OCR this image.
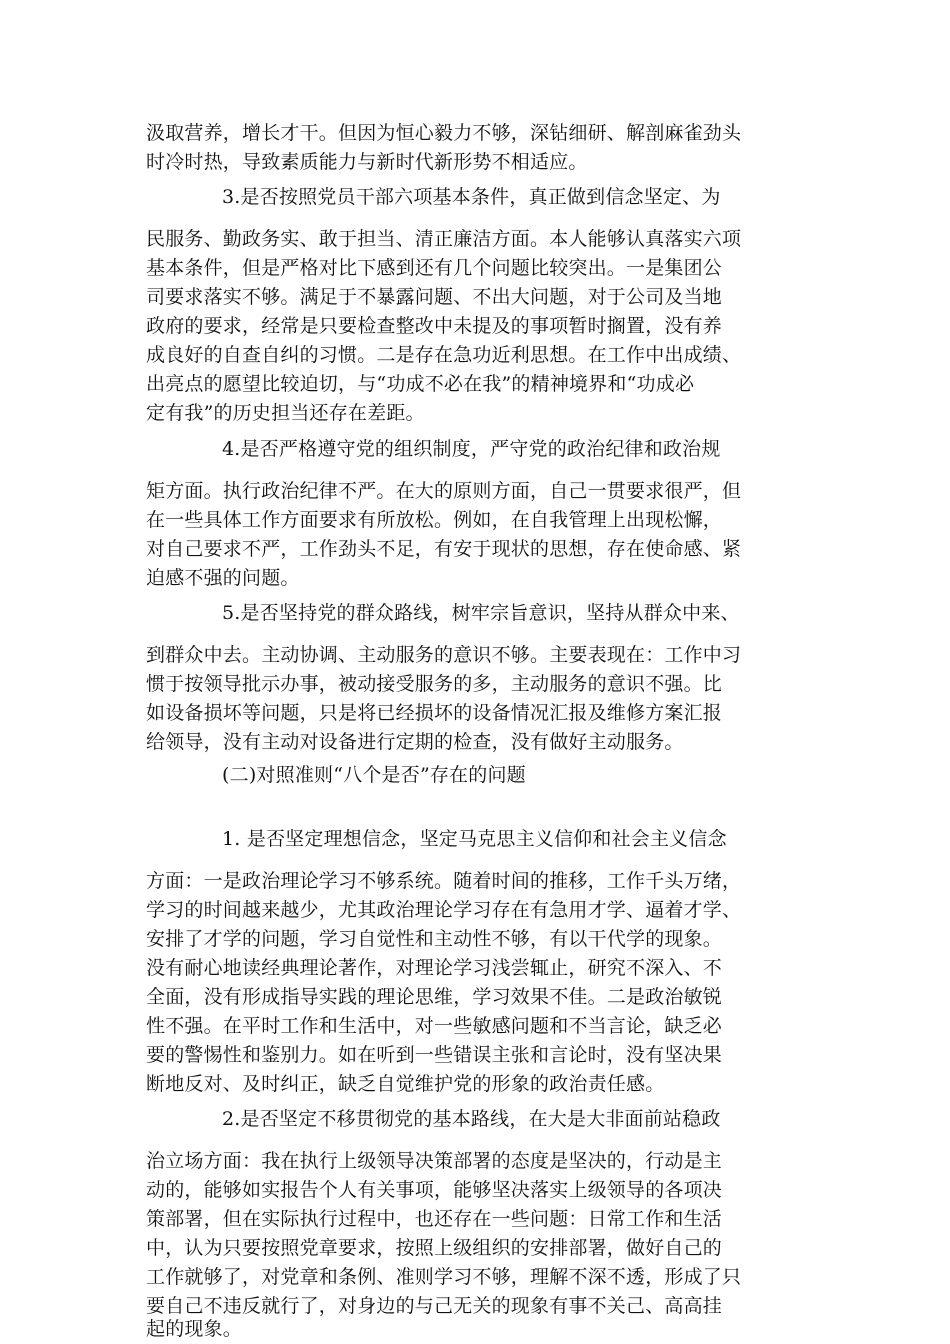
汲取营养，增长才干。但因为恒心毅力不够，深钻细研、解剖麻雀劲头
时冷时热，导致素质能力与新时代新形势不相适应。
3.是否按照党员干部六项基本条件，真正做到信念坚定、为
民服务、勤政务实、敢于担当、清正廉洁方面。本人能够认真落实六项
基本条件，但是严格对比下感到还有几个问题比较突出。一是集团公
司要求落实不够。满足于不暴露问题、不出大问题，对于公司及当地
政府的要求，经常是只要检查整改中未提及的事项暂时搁置，没有养
成良好的自查自纠的习惯。二是存在急功近利思想。在工作中出成绩、
出亮点的愿望比较迫切，与“功成不必在我”的精神境界和“功成必
定有我”的历史担当还存在差距。
4.是否严格遵守党的组织制度，严守党的政治纪律和政治规
矩方面。执行政治纪律不严。在大的原则方面，自己一贯要求很严，但
在一些具体工作方面要求有所放松。例如，在自我管理上出现松懈，
对自己要求不严，工作劲头不足，有安于现状的思想，存在使命感、紧
迫感不强的问题。
5.是否坚持党的群众路线，树牢宗旨意识，坚持从群众中来、
到群众中去。主动协调、主动服务的意识不够。主要表现在：工作中习
惯于按领导批示办事，被动接受服务的多，主动服务的意识不强。比
如设备损坏等问题，只是将已经损坏的设备情况汇报及维修方案汇报
给领导，没有主动对设备进行定期的检查，没有做好主动服务。
(二)对照准则“八个是否”存在的问题
1. 是否坚定理想信念，坚定马克思主义信仰和社会主义信念
方面：一是政治理论学习不够系统。随着时间的推移，工作千头万绪，
学习的时间越来越少，尤其政治理论学习存在有急用才学、逼着才学、
安排了才学的问题，学习自觉性和主动性不够，有以干代学的现象。
没有耐心地读经典理论著作，对理论学习浅尝辄止，研究不深入、不
全面，没有形成指导实践的理论思维，学习效果不佳。二是政治敏锐
性不强。在平时工作和生活中，对一些敏感问题和不当言论，缺乏必
要的警惕性和鉴别力。如在听到一些错误主张和言论时，没有坚决果
断地反对、及时纠正，缺乏自觉维护党的形象的政治责任感。
2.是否坚定不移贯彻党的基本路线，在大是大非面前站稳政
治立场方面：我在执行上级领导决策部署的态度是坚决的，行动是主
动的，能够如实报告个人有关事项，能够坚决落实上级领导的各项决
策部署，但在实际执行过程中，也还存在一些问题：日常工作和生活
中，认为只要按照党章要求，按照上级组织的安排部署，做好自己的
工作就够了，对党章和条例、准则学习不够，理解不深不透，形成了只
要自己不违反就行了，对身边的与己无关的现象有事不关己、高高挂
起的现象。
